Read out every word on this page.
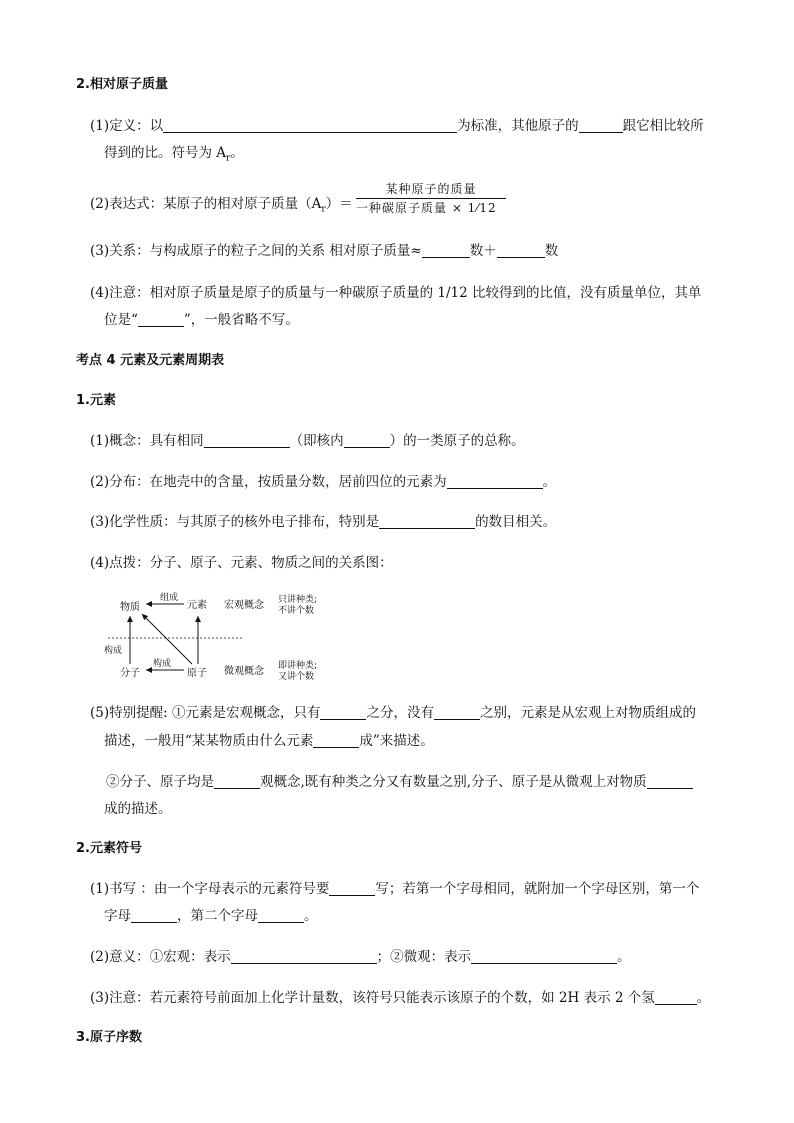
2.相对原子质量
(1)定义：以	为标准，其他原子的	跟它相比较所
得到的比。符号为 $A_r$。
(2)表达式：某原子的相对原子质量$(A_r)=$
某种原子的质量
一种碳原子质量 × 1⁄12
(3)关系：与构成原子的粒子之间的关系 相对原子质量≈	数＋	数
(4)注意：相对原子质量是原子的质量与一种碳原子质量的 1/12 比较得到的比值，没有质量单位，其单
位是“	”，一般省略不写。
考点 4 元素及元素周期表
1.元素
(1)概念：具有相同	（即核内	）的一类原子的总称。
(2)分布：在地壳中的含量，按质量分数，居前四位的元素为	。
(3)化学性质：与其原子的核外电子排布，特别是	的数目相关。
(4)点拨：分子、原子、元素、物质之间的关系图：
物质
组成
元素 宏观概念 只讲种类;
不讲个数
构成
分子
构成
原子 微观概念 即讲种类;
又讲个数
(5)特别提醒: ①元素是宏观概念，只有	之分，没有	之别，元素是从宏观上对物质组成的
描述，一般用“某某物质由什么元素	成”来描述。
②分子、原子均是	观概念,既有种类之分又有数量之别,分子、原子是从微观上对物质
成的描述。
2.元素符号
(1)书写 ：由一个字母表示的元素符号要	写；若第一个字母相同，就附加一个字母区别，第一个
字母	，第二个字母	。
(2)意义：①宏观：表示	；②微观：表示	。
(3)注意：若元素符号前面加上化学计量数，该符号只能表示该原子的个数，如 2H 表示 2 个氢	。
3.原子序数
